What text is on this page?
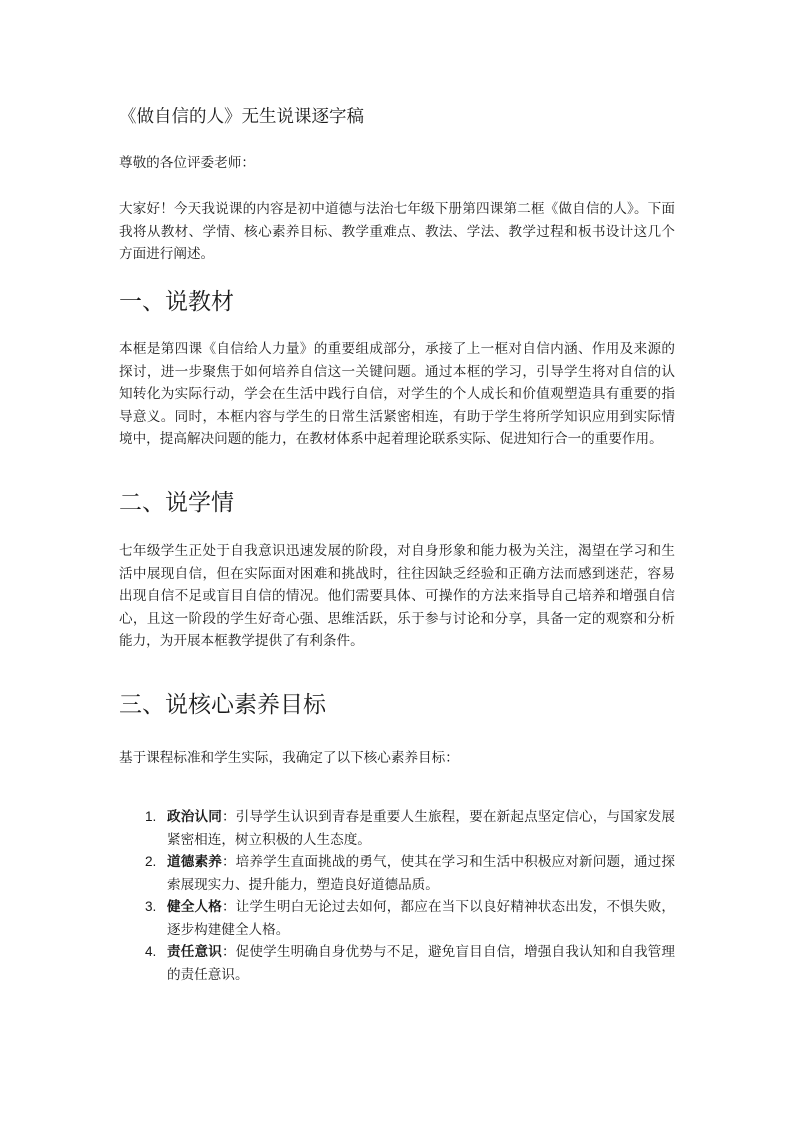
《做自信的人》无生说课逐字稿

尊敬的各位评委老师：

大家好！今天我说课的内容是初中道德与法治七年级下册第四课第二框《做自信的人》。下面我将从教材、学情、核心素养目标、教学重难点、教法、学法、教学过程和板书设计这几个方面进行阐述。

一、说教材

本框是第四课《自信给人力量》的重要组成部分，承接了上一框对自信内涵、作用及来源的探讨，进一步聚焦于如何培养自信这一关键问题。通过本框的学习，引导学生将对自信的认知转化为实际行动，学会在生活中践行自信，对学生的个人成长和价值观塑造具有重要的指导意义。同时，本框内容与学生的日常生活紧密相连，有助于学生将所学知识应用到实际情境中，提高解决问题的能力，在教材体系中起着理论联系实际、促进知行合一的重要作用。

二、说学情

七年级学生正处于自我意识迅速发展的阶段，对自身形象和能力极为关注，渴望在学习和生活中展现自信，但在实际面对困难和挑战时，往往因缺乏经验和正确方法而感到迷茫，容易出现自信不足或盲目自信的情况。他们需要具体、可操作的方法来指导自己培养和增强自信心，且这一阶段的学生好奇心强、思维活跃，乐于参与讨论和分享，具备一定的观察和分析能力，为开展本框教学提供了有利条件。

三、说核心素养目标

基于课程标准和学生实际，我确定了以下核心素养目标：

1. 政治认同：引导学生认识到青春是重要人生旅程，要在新起点坚定信心，与国家发展紧密相连，树立积极的人生态度。
2. 道德素养：培养学生直面挑战的勇气，使其在学习和生活中积极应对新问题，通过探索展现实力、提升能力，塑造良好道德品质。
3. 健全人格：让学生明白无论过去如何，都应在当下以良好精神状态出发，不惧失败，逐步构建健全人格。
4. 责任意识：促使学生明确自身优势与不足，避免盲目自信，增强自我认知和自我管理的责任意识。
